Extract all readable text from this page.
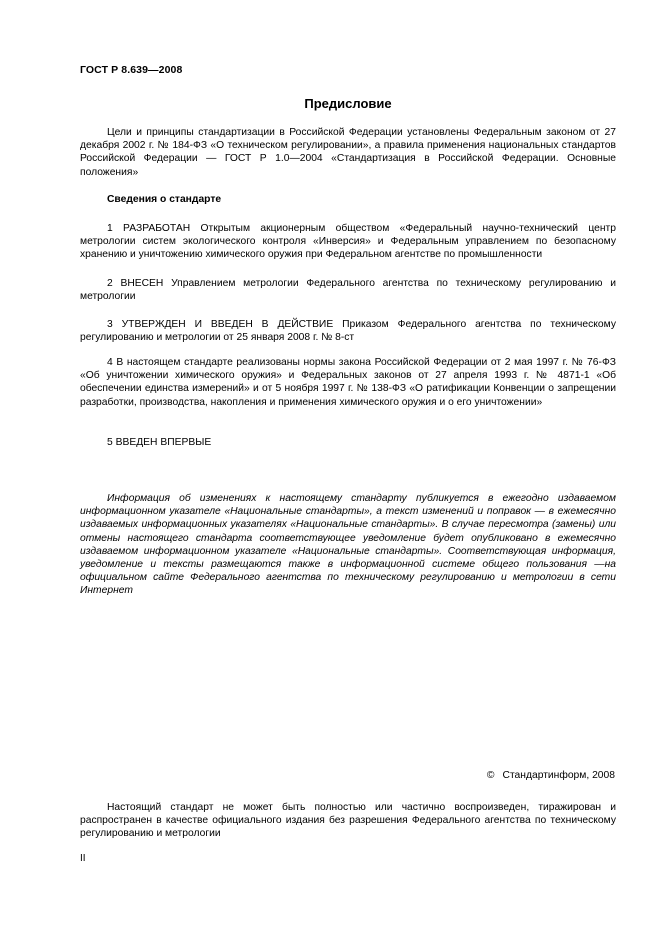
ГОСТ Р 8.639—2008
Предисловие

Цели и принципы стандартизации в Российской Федерации установлены Федеральным законом от 27 декабря 2002 г. № 184-ФЗ «О техническом регулировании», а правила применения национальных стандартов Российской Федерации — ГОСТ Р 1.0—2004 «Стандартизация в Российской Федерации. Основные положения»

Сведения о стандарте

1 РАЗРАБОТАН Открытым акционерным обществом «Федеральный научно-технический центр метрологии систем экологического контроля «Инверсия» и Федеральным управлением по безопасному хранению и уничтожению химического оружия при Федеральном агентстве по промышленности

2 ВНЕСЕН Управлением метрологии Федерального агентства по техническому регулированию и метрологии

3 УТВЕРЖДЕН И ВВЕДЕН В ДЕЙСТВИЕ Приказом Федерального агентства по техническому регулированию и метрологии от 25 января 2008 г. № 8-ст

4 В настоящем стандарте реализованы нормы закона Российской Федерации от 2 мая 1997 г. № 76-ФЗ «Об уничтожении химического оружия» и Федеральных законов от 27 апреля 1993 г. № 4871-1 «Об обеспечении единства измерений» и от 5 ноября 1997 г. № 138-ФЗ «О ратификации Конвенции о запрещении разработки, производства, накопления и применения химического оружия и о его уничтожении»

5 ВВЕДЕН ВПЕРВЫЕ

Информация об изменениях к настоящему стандарту публикуется в ежегодно издаваемом информационном указателе «Национальные стандарты», а текст изменений и поправок — в ежемесячно издаваемых информационных указателях «Национальные стандарты». В случае пересмотра (замены) или отмены настоящего стандарта соответствующее уведомление будет опубликовано в ежемесячно издаваемом информационном указателе «Национальные стандарты». Соответствующая информация, уведомление и тексты размещаются также в информационной системе общего пользования —на официальном сайте Федерального агентства по техническому регулированию и метрологии в сети Интернет

© Стандартинформ, 2008

Настоящий стандарт не может быть полностью или частично воспроизведен, тиражирован и распространен в качестве официального издания без разрешения Федерального агентства по техническому регулированию и метрологии

II
